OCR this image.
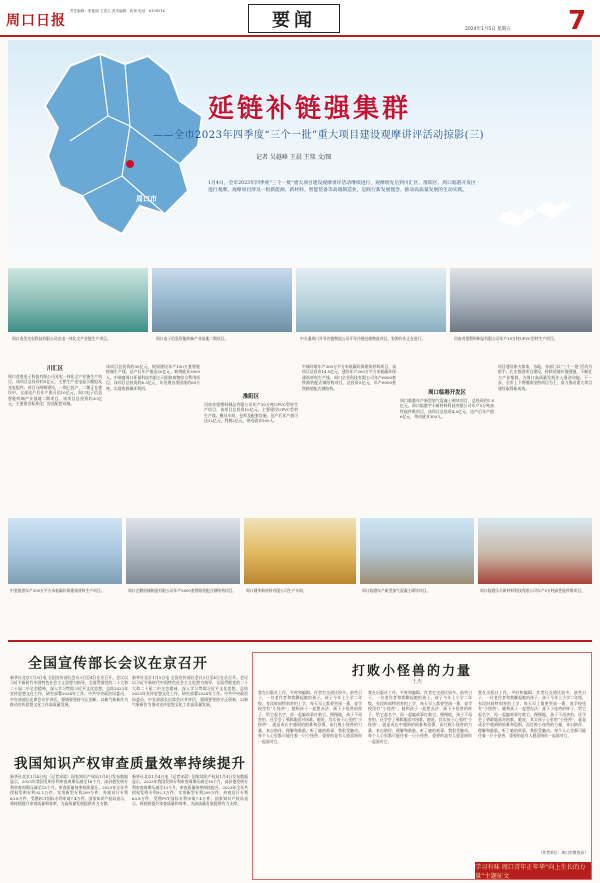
周口日报
责任编辑：张艳丽 王笑云 美术编辑：张扬 电话：6199516	要闻	2024年1月5日 星期五 7
周口市
延链补链强集群
——全市2023年四季度“三个一批”重大项目建设观摩讲评活动掠影(三)
记者 吴越峰 王晨 王琰 文/图
1月4日，全市2023年四季度“三个一批”重大项目建设观摩讲评活动继续进行，观摩组先后到川汇区、淮阳区、周口临港开发区进行观摩。观摩项目涉及一批新能源、新材料、智能装备等高端制造业，是践行新发展理念、推动高质量发展的生动实践。
周口金美光电科技有限公司光电一体化全产业链生产项目。	周口电子信息智能终端产业基地二期项目。	中关通周口开导冷链物流公司开导冷链仓储物流项目，装卸作业正在进行。	河南奇望塑料制品有限公司年产10万吨UPVC型材生产项目。
川汇区
周口花胜电子科技有限公司光电一体化全产业链生产项目，该项目总投资约5亿元，主要生产光电显示模组及光电组件。项目分两期建设，一期已投产，二期正在建设中，全部达产后年产值可达10亿元。周口电子信息智能终端产业基地二期项目，该项目总投资约20亿元，主要建设标准化厂房及配套设施。
该项目总投资约30亿元，规划建设年产100万套智能终端生产线，达产后年产值达50亿元，新增就业3000人。中瑞盛周口环保科技有限公司固体废物综合利用项目，该项目总投资约6.5亿元，年处理各类固废约60万吨，实现资源循环利用。
淮阳区
河南奇望塑料制品有限公司年产10万吨UPVC型材生产项目，该项目总投资10亿元，主要建设UPVC型材生产线、模具车间、仓库及配套设施，达产后年产值可达12亿元，利税2亿元，带动就业500人。
中瑞环境年产300万平方米低碳环保建筑材料项目，该项目总投资14.5亿元，建设年产300万平方米低碳环保建筑材料生产线。周口企业科技有限公司年产6000套铁路装配式钢结构项目，总投资5亿元，年产6000套铁路装配式钢结构。
周口临港开发区
周口临港年产新型加气混凝土砌块项目，总投资约1.8亿元。周口临港宇丰新材料科技有限公司年产5万吨高性能纤维项目，该项目总投资4.5亿元，达产后年产值6亿元，带动就业300人。
项目建设如火如荼，各地、各部门以“三个一批”活动为抓手，扎实推进项目建设，持续延链补链强链，不断壮大产业集群，为周口高质量发展注入强劲动能。下一步，全市上下将继续坚持项目为王，奋力推动重大项目建设取得新成效。
中坚旅游年产300万平方米低碳环保建筑材料生产项目。	周口企鹅机械制造有限公司年产5000套铁路装配式钢结构项目。	周口健华新材料有限公司生产车间。	周口临港年产新型加气混凝土砌块项目。	周口临港乐丰新材料科技有限公司年产5万吨高性能纤维项目。
全国宣传部长会议在京召开
新华社北京1月3日电 全国宣传部长会议3日至4日在京召开。会议以习近平新时代中国特色社会主义思想为指导，全面贯彻党的二十大和二十届二中全会精神，深入学习贯彻习近平文化思想，总结2023年宣传思想文化工作，研究部署2024年工作。中共中央政治局委员、中宣部部长出席会议并讲话，强调要坚持守正创新，以新气象新作为推动宣传思想文化工作高质量发展。
新华社北京1月3日电 全国宣传部长会议3日至4日在京召开。会议以习近平新时代中国特色社会主义思想为指导，全面贯彻党的二十大和二十届二中全会精神，深入学习贯彻习近平文化思想，总结2023年宣传思想文化工作，研究部署2024年工作。中共中央政治局委员、中宣部部长出席会议并讲话，强调要坚持守正创新，以新气象新作为推动宣传思想文化工作高质量发展。
我国知识产权审查质量效率持续提升
新华社北京1月4日电（记者宋晨）国家知识产权局1月4日发布数据显示，2023年我国发明专利审查周期压减至16个月，高价值发明专利审查周期压减至13个月，审查质量效率持续提升。2023年全年共授权发明专利92.1万件，实用新型专利209万件，外观设计专利63.8万件，受理PCT国际专利申请7.4万件。国家知识产权局表示，将持续提升审查质量和效率，为高质量发展提供有力支撑。
新华社北京1月4日电（记者宋晨）国家知识产权局1月4日发布数据显示，2023年我国发明专利审查周期压减至16个月，高价值发明专利审查周期压减至13个月，审查质量效率持续提升。2023年全年共授权发明专利92.1万件，实用新型专利209万件，外观设计专利63.8万件，受理PCT国际专利申请7.4万件。国家知识产权局表示，将持续提升审查质量和效率，为高质量发展提供有力支撑。
打败小怪兽的力量
王杰
我在出版社工作，平时和编辑、作者打交道比较多。前些日子，一位老作者和我聊起她的孩子。孩子今年上小学二年级，有段时间特别害怕上学，每天早上都要哭闹一番，说学校里有“小怪兽”。她和孩子一起想办法：画下小怪兽的样子，给它起名字，再一起编故事打败它。慢慢地，孩子不再害怕，还学会了勇敢地面对困难。她说，其实孩子心里的“小怪兽”，就是成长中遇到的困难和恐惧，而打败小怪兽的力量，来自陪伴、理解和鼓励。听了她的故事，我很受触动。每个人心里都可能住着一只小怪兽，重要的是有人愿意陪你一起面对它。
我在出版社工作，平时和编辑、作者打交道比较多。前些日子，一位老作者和我聊起她的孩子。孩子今年上小学二年级，有段时间特别害怕上学，每天早上都要哭闹一番，说学校里有“小怪兽”。她和孩子一起想办法：画下小怪兽的样子，给它起名字，再一起编故事打败它。慢慢地，孩子不再害怕，还学会了勇敢地面对困难。她说，其实孩子心里的“小怪兽”，就是成长中遇到的困难和恐惧，而打败小怪兽的力量，来自陪伴、理解和鼓励。听了她的故事，我很受触动。每个人心里都可能住着一只小怪兽，重要的是有人愿意陪你一起面对它。
我在出版社工作，平时和编辑、作者打交道比较多。前些日子，一位老作者和我聊起她的孩子。孩子今年上小学二年级，有段时间特别害怕上学，每天早上都要哭闹一番，说学校里有“小怪兽”。她和孩子一起想办法：画下小怪兽的样子，给它起名字，再一起编故事打败它。慢慢地，孩子不再害怕，还学会了勇敢地面对困难。她说，其实孩子心里的“小怪兽”，就是成长中遇到的困难和恐惧，而打败小怪兽的力量，来自陪伴、理解和鼓励。听了她的故事，我很受触动。每个人心里都可能住着一只小怪兽，重要的是有人愿意陪你一起面对它。
（作者单位：周口市教育局）
学习有味 周口青年正年华“向上生长的力量”主题征文
